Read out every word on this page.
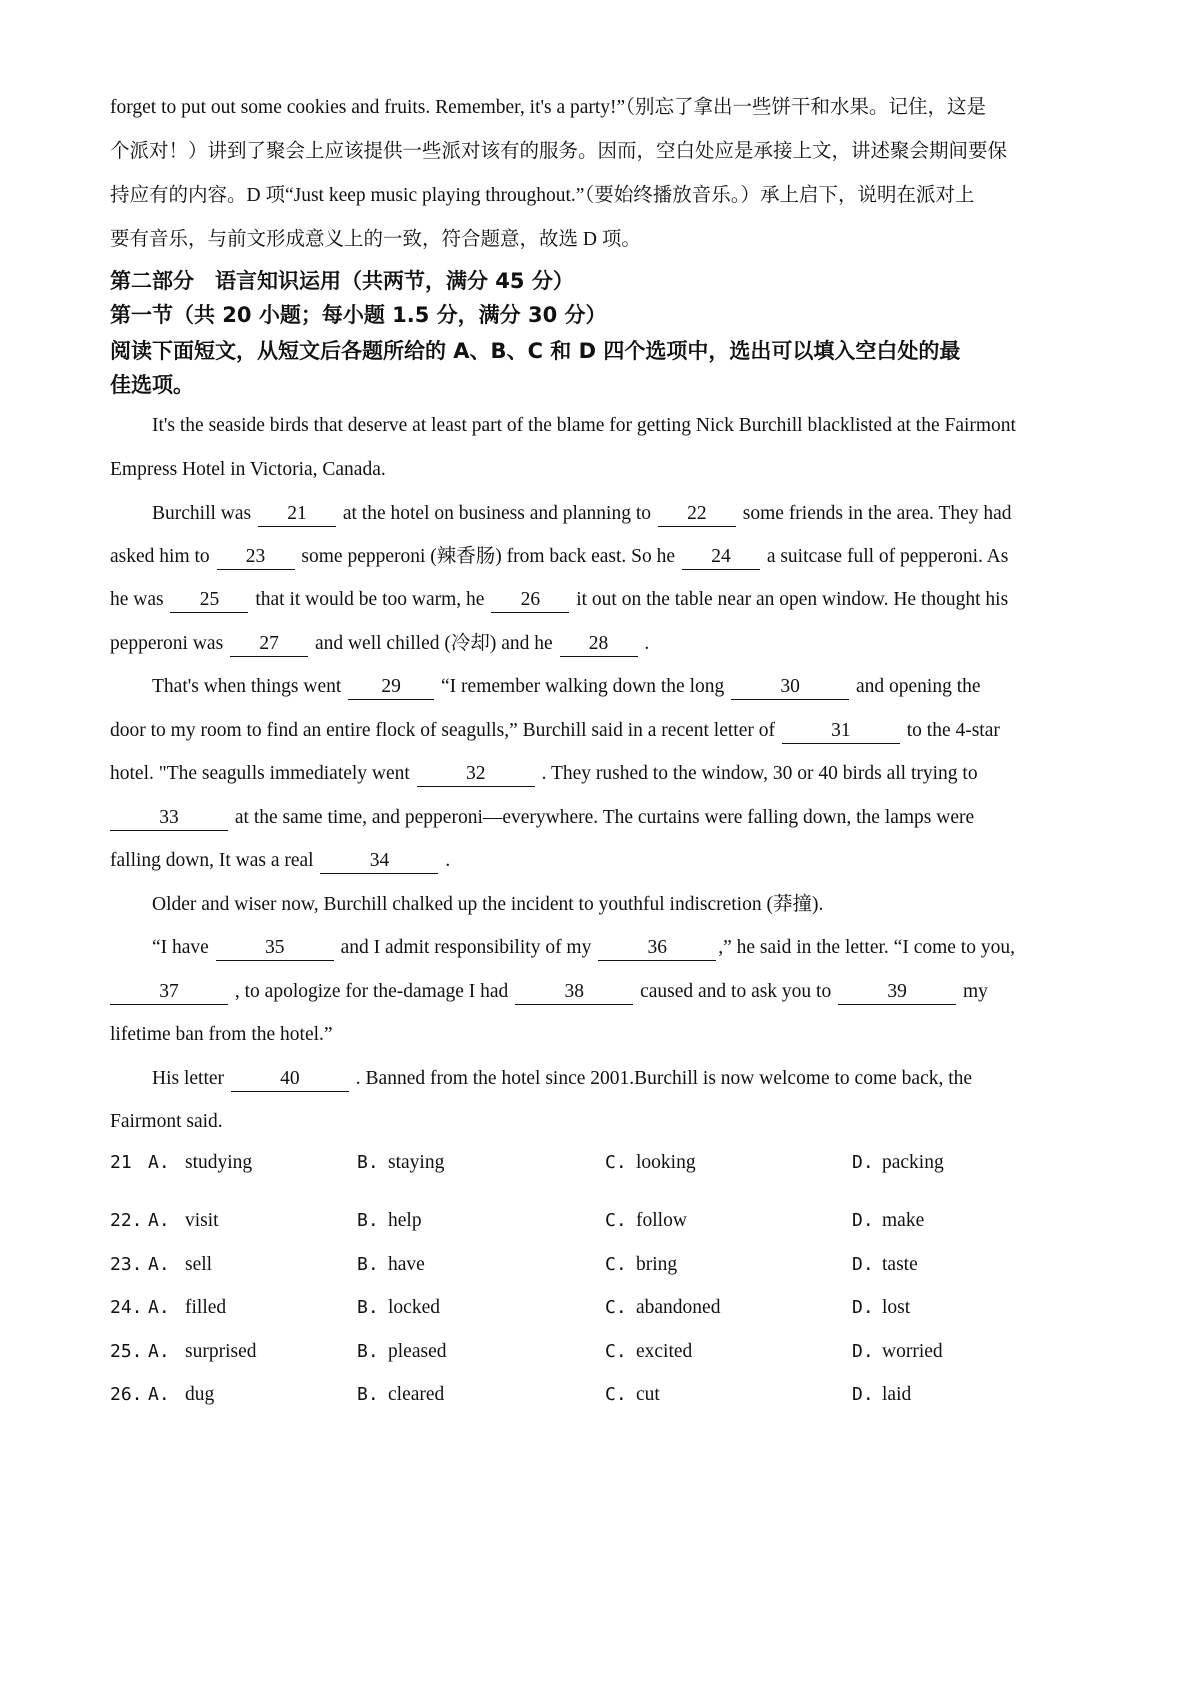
forget to put out some cookies and fruits. Remember, it's a party!”（别忘了拿出一些饼干和水果。记住，这是
个派对！）讲到了聚会上应该提供一些派对该有的服务。因而，空白处应是承接上文，讲述聚会期间要保
持应有的内容。D 项“Just keep music playing throughout.”（要始终播放音乐。）承上启下，说明在派对上
要有音乐，与前文形成意义上的一致，符合题意，故选 D 项。
第二部分　语言知识运用（共两节，满分 45 分）
第一节（共 20 小题；每小题 1.5 分，满分 30 分）
阅读下面短文，从短文后各题所给的 A、B、C 和 D 四个选项中，选出可以填入空白处的最
佳选项。
It's the seaside birds that deserve at least part of the blame for getting Nick Burchill blacklisted at the Fairmont
Empress Hotel in Victoria, Canada.
Burchill was 21 at the hotel on business and planning to 22 some friends in the area. They had
asked him to 23 some pepperoni (辣香肠) from back east. So he 24 a suitcase full of pepperoni. As
he was 25 that it would be too warm, he 26 it out on the table near an open window. He thought his
pepperoni was 27 and well chilled (冷却) and he 28 .
That's when things went 29 “I remember walking down the long	30	and opening the
door to my room to find an entire flock of seagulls,” Burchill said in a recent letter of	31	to the 4-star
hotel. "The seagulls immediately went	32	. They rushed to the window, 30 or 40 birds all trying to
33	at the same time, and pepperoni—everywhere. The curtains were falling down, the lamps were
falling down, It was a real	34	.
Older and wiser now, Burchill chalked up the incident to youthful indiscretion (莽撞).
“I have	35	and I admit responsibility of my	36	,” he said in the letter. “I come to you,
37	, to apologize for the-damage I had	38	caused and to ask you to	39	my
lifetime ban from the hotel.”
His letter	40	. Banned from the hotel since 2001.Burchill is now welcome to come back, the
Fairmont said.
21 A. studying	B. staying	C. looking	D. packing
22. A. visit	B. help	C. follow	D. make
23. A. sell	B. have	C. bring	D. taste
24. A. filled	B. locked	C. abandoned	D. lost
25. A. surprised	B. pleased	C. excited	D. worried
26. A. dug	B. cleared	C. cut	D. laid
